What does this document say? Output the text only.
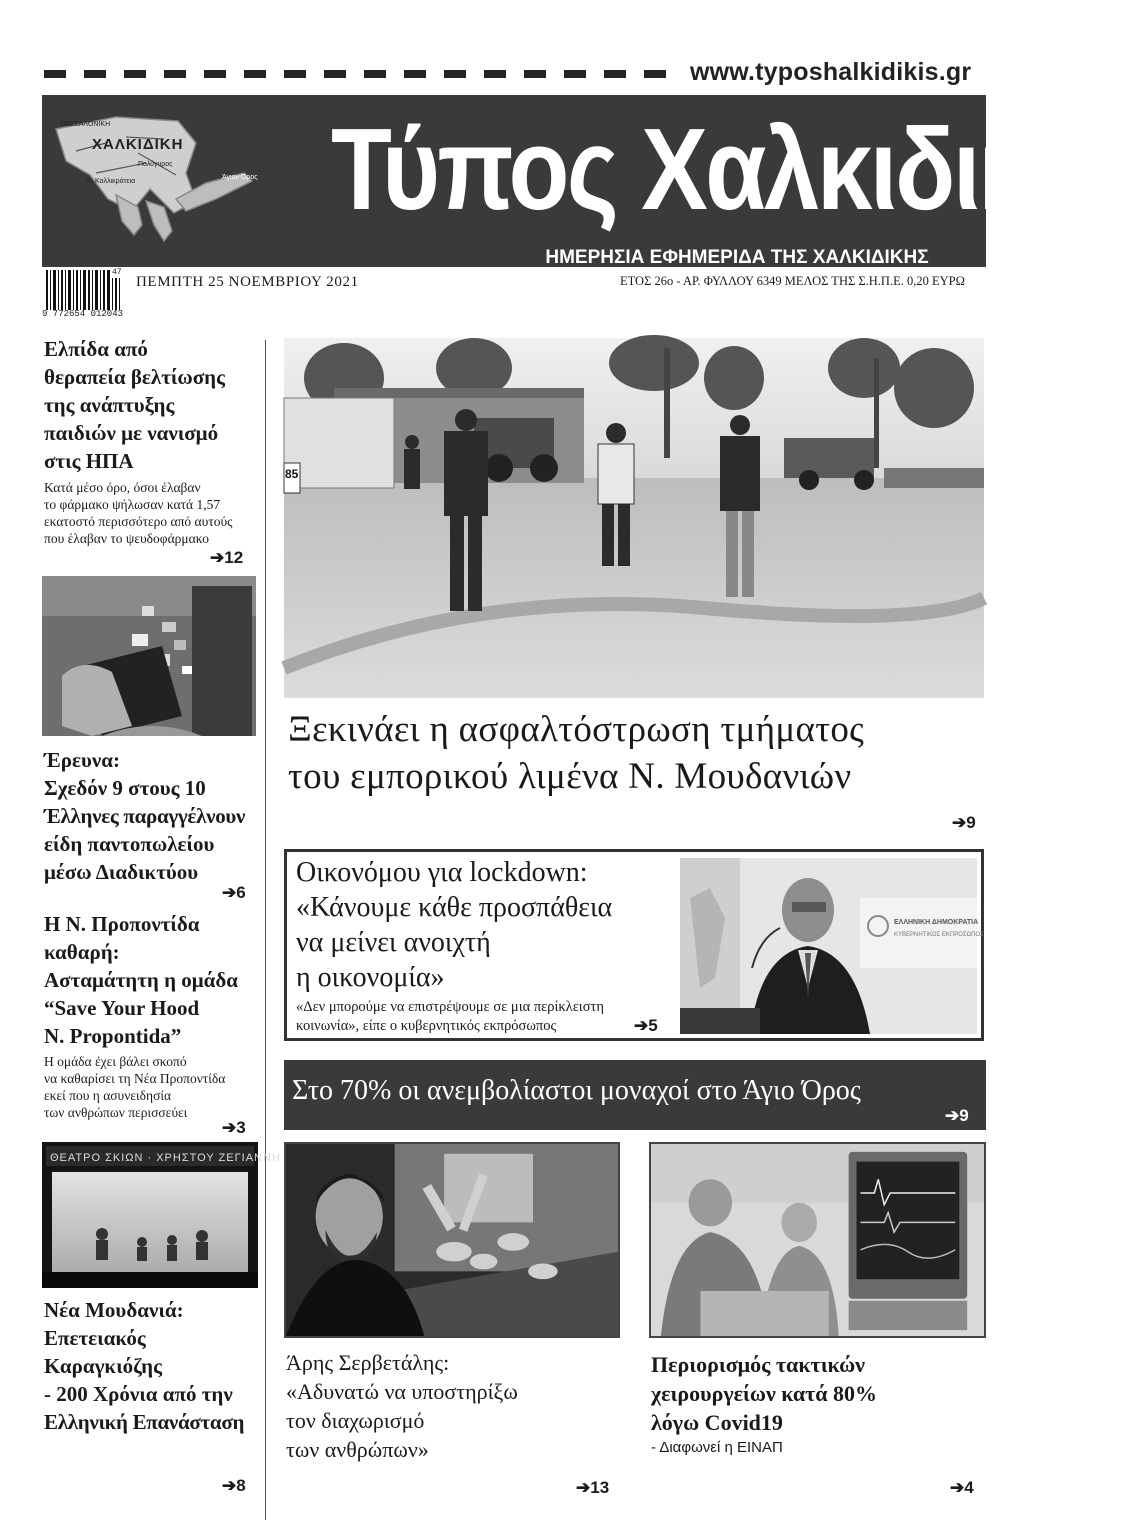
www.typoshalkidikis.gr
ΘΕΣΣΑΛΟΝΙΚΗ
ΧΑΛΚΙΔΙΚΗ
Πολύγυρος
Ν. Καλλικράτεια
Άγιον Όρος Τύπος Χαλκιδικής
ΗΜΕΡΗΣΙΑ ΕΦΗΜΕΡΙΔΑ ΤΗΣ ΧΑΛΚΙΔΙΚΗΣ
47
9 772654 012043
ΠΕΜΠΤΗ 25 ΝΟΕΜΒΡΙΟΥ 2021	ΕΤΟΣ 26ο - ΑΡ. ΦΥΛΛΟΥ 6349 ΜΕΛΟΣ ΤΗΣ Σ.Η.Π.Ε. 0,20 ΕΥΡΩ
Ελπίδα από
θεραπεία βελτίωσης
της ανάπτυξης
παιδιών με νανισμό
στις ΗΠΑ
Κατά μέσο όρο, όσοι έλαβαν
το φάρμακο ψήλωσαν κατά 1,57
εκατοστό περισσότερο από αυτούς
που έλαβαν το ψευδοφάρμακο
➔12
Έρευνα:
Σχεδόν 9 στους 10
Έλληνες παραγγέλνουν
είδη παντοπωλείου
μέσω Διαδικτύου
➔6
Η Ν. Προποντίδα
καθαρή:
Ασταμάτητη η ομάδα
“Save Your Hood
N. Propontida”
Η ομάδα έχει βάλει σκοπό
να καθαρίσει τη Νέα Προποντίδα
εκεί που η ασυνειδησία
των ανθρώπων περισσεύει
➔3
ΘΕΑΤΡΟ ΣΚΙΩΝ · ΧΡΗΣΤΟΥ ΖΕΓΙΑΝΝΗ
Νέα Μουδανιά:
Επετειακός
Καραγκιόζης
- 200 Χρόνια από την
Ελληνική Επανάσταση
➔8
85
Ξεκινάει η ασφαλτόστρωση τμήματος
του εμπορικού λιμένα Ν. Μουδανιών
➔9
Οικονόμου για lockdown:
«Κάνουμε κάθε προσπάθεια
να μείνει ανοιχτή
η οικονομία»
«Δεν μπορούμε να επιστρέψουμε σε μια περίκλειστη
κοινωνία», είπε ο κυβερνητικός εκπρόσωπος	➔5
ΕΛΛΗΝΙΚΗ ΔΗΜΟΚΡΑΤΙΑ
ΚΥΒΕΡΝΗΤΙΚΟΣ ΕΚΠΡΟΣΩΠΟΣ
Στο 70% οι ανεμβολίαστοι μοναχοί στο Άγιο Όρος
➔9
Άρης Σερβετάλης:
«Αδυνατώ να υποστηρίξω
τον διαχωρισμό
των ανθρώπων»
➔13
Περιορισμός τακτικών
χειρουργείων κατά 80%
λόγω Covid19
- Διαφωνεί η ΕΙΝΑΠ
➔4
